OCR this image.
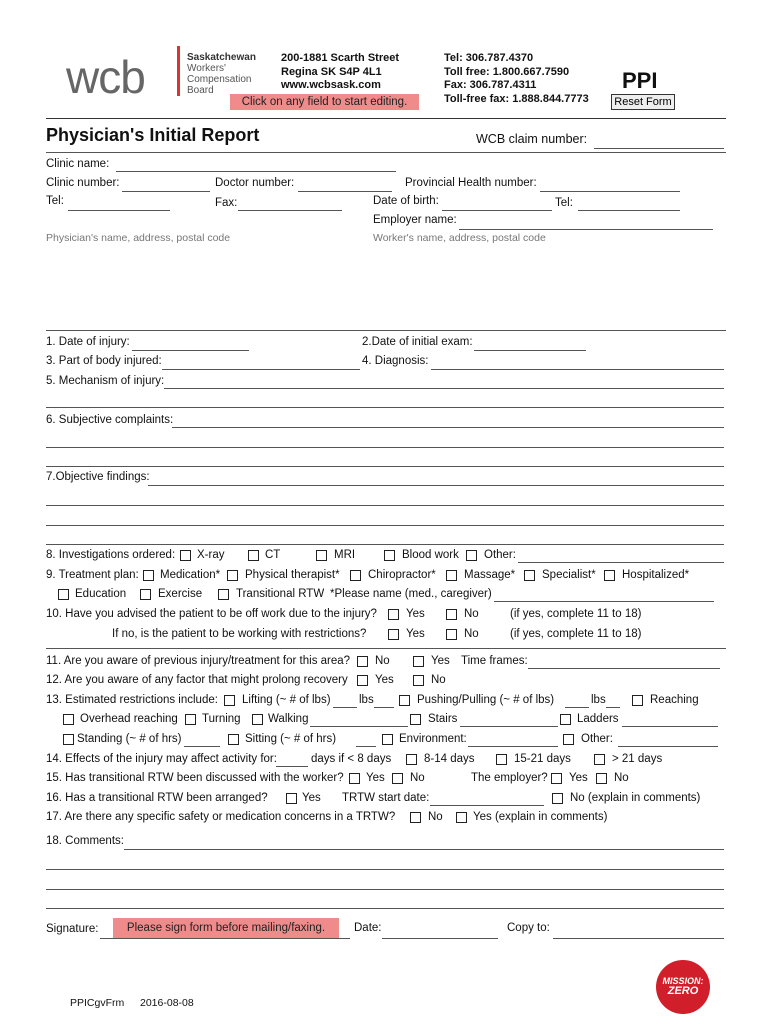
wcb	Saskatchewan
Workers'
Compensation
Board
200-1881 Scarth Street
Regina SK S4P 4L1
www.wcbsask.com
Tel: 306.787.4370
Toll free: 1.800.667.7590
Fax: 306.787.4311
Toll-free fax: 1.888.844.7773
Click on any field to start editing.
PPI
Reset Form
Physician's Initial Report	WCB claim number:
Clinic name:
Clinic number:	Doctor number:	Provincial Health number:
Tel:	Fax:	Date of birth:	Tel:
Employer name:
Physician's name, address, postal code	Worker's name, address, postal code
1. Date of injury:	2.Date of initial exam:
3. Part of body injured:	4. Diagnosis:
5. Mechanism of injury:
6. Subjective complaints:
7.Objective findings:
8. Investigations ordered: X-ray	CT	MRI	Blood work Other:
9. Treatment plan: Medication* Physical therapist* Chiropractor* Massage* Specialist* Hospitalized*
Education	Exercise	Transitional RTW *Please name (med., caregiver)
10. Have you advised the patient to be off work due to the injury?	Yes	No	(if yes, complete 11 to 18)
If no, is the patient to be working with restrictions?	Yes	No	(if yes, complete 11 to 18)
11. Are you aware of previous injury/treatment for this area? No	Yes Time frames:
12. Are you aware of any factor that might prolong recovery Yes	No
13. Estimated restrictions include: Lifting (~ # of lbs) lbs	Pushing/Pulling (~ # of lbs)	lbs	Reaching
Overhead reaching Turning Walking	Stairs	Ladders
Standing (~ # of hrs)	Sitting (~ # of hrs)	Environment:	Other:
14. Effects of the injury may affect activity for:	days if < 8 days	8-14 days	15-21 days	> 21 days
15. Has transitional RTW been discussed with the worker? Yes No	The employer? Yes No
16. Has a transitional RTW been arranged?	Yes TRTW start date:	No (explain in comments)
17. Are there any specific safety or medication concerns in a TRTW?	No	Yes (explain in comments)
18. Comments:
Signature:	Please sign form before mailing/faxing.	Date:	Copy to:
PPICgvFrm 2016-08-08
MISSION:
ZERO
